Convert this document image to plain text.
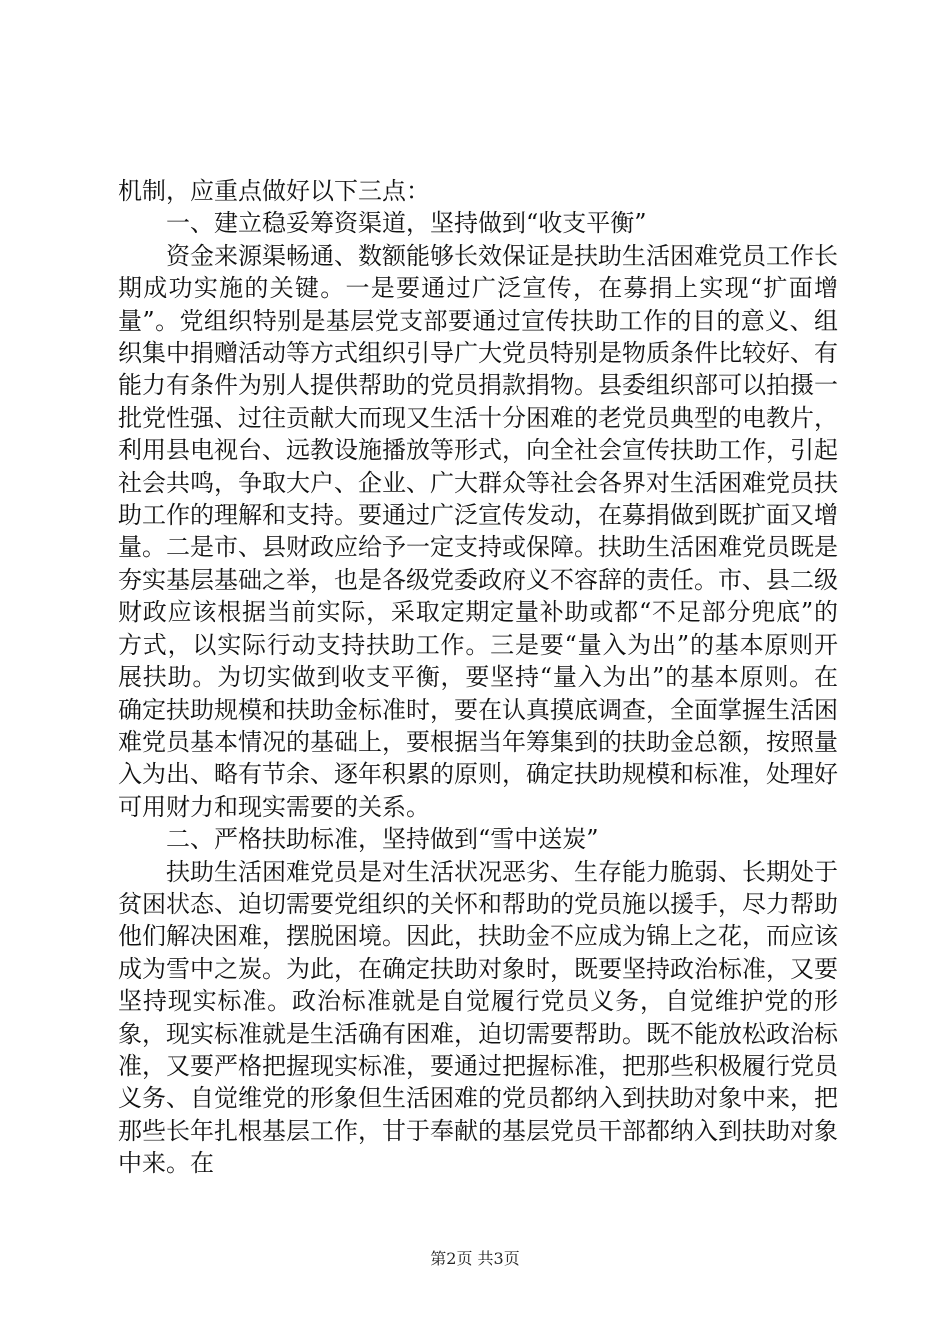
机制，应重点做好以下三点：

一、建立稳妥筹资渠道，坚持做到“收支平衡”

资金来源渠畅通、数额能够长效保证是扶助生活困难党员工作长期成功实施的关键。一是要通过广泛宣传，在募捐上实现“扩面增量”。党组织特别是基层党支部要通过宣传扶助工作的目的意义、组织集中捐赠活动等方式组织引导广大党员特别是物质条件比较好、有能力有条件为别人提供帮助的党员捐款捐物。县委组织部可以拍摄一批党性强、过往贡献大而现又生活十分困难的老党员典型的电教片，利用县电视台、远教设施播放等形式，向全社会宣传扶助工作，引起社会共鸣，争取大户、企业、广大群众等社会各界对生活困难党员扶助工作的理解和支持。要通过广泛宣传发动，在募捐做到既扩面又增量。二是市、县财政应给予一定支持或保障。扶助生活困难党员既是夯实基层基础之举，也是各级党委政府义不容辞的责任。市、县二级财政应该根据当前实际，采取定期定量补助或都“不足部分兜底”的方式，以实际行动支持扶助工作。三是要“量入为出”的基本原则开展扶助。为切实做到收支平衡，要坚持“量入为出”的基本原则。在确定扶助规模和扶助金标准时，要在认真摸底调查，全面掌握生活困难党员基本情况的基础上，要根据当年筹集到的扶助金总额，按照量入为出、略有节余、逐年积累的原则，确定扶助规模和标准，处理好可用财力和现实需要的关系。

二、严格扶助标准，坚持做到“雪中送炭”

扶助生活困难党员是对生活状况恶劣、生存能力脆弱、长期处于贫困状态、迫切需要党组织的关怀和帮助的党员施以援手，尽力帮助他们解决困难，摆脱困境。因此，扶助金不应成为锦上之花，而应该成为雪中之炭。为此，在确定扶助对象时，既要坚持政治标准，又要坚持现实标准。政治标准就是自觉履行党员义务，自觉维护党的形象，现实标准就是生活确有困难，迫切需要帮助。既不能放松政治标准，又要严格把握现实标准，要通过把握标准，把那些积极履行党员义务、自觉维党的形象但生活困难的党员都纳入到扶助对象中来，把那些长年扎根基层工作，甘于奉献的基层党员干部都纳入到扶助对象中来。在

第2页 共3页
